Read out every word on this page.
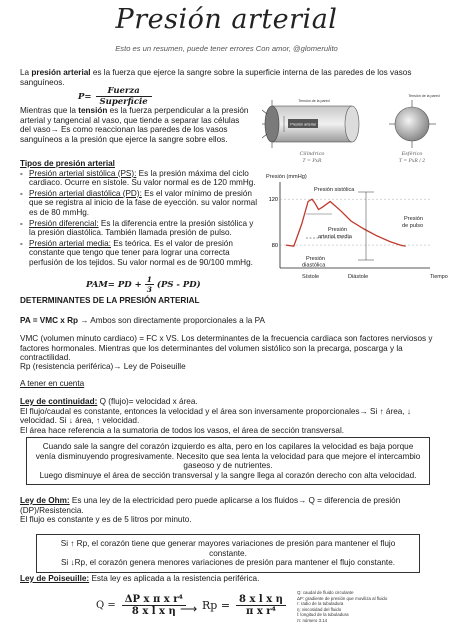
Presión arterial
Esto es un resumen, puede tener errores Con amor, @glomerulito
La presión arterial es la fuerza que ejerce la sangre sobre la superficie interna de las paredes de los vasos sanguíneos.
P=
Fuerza
Superficie
Mientras que la tensión es la fuerza perpendicular a la presión arterial y tangencial al vaso, que tiende a separar las células del vaso→ Es como reaccionan las paredes de los vasos sanguíneos a la presión que ejerce la sangre sobre ellos.
Presión arterial
Tensión de la pared
Tensión de la pared
Cilíndrico
T = PxR
Esférico
T = PxR / 2
Tipos de presión arterial
- Presión arterial sistólica (PS): Es la presión máxima del ciclo cardiaco. Ocurre en sístole. Su valor normal es de 120 mmHg.
- Presión arterial diastólica (PD): Es el valor mínimo de presión que se registra al inicio de la fase de eyección. su valor normal es de 80 mmHg.
- Presión diferencial: Es la diferencia entre la presión sistólica y la presión diastólica. También llamada presión de pulso.
- Presión arterial media: Es teórica. Es el valor de presión constante que tengo que tener para lograr una correcta perfusión de los tejidos. Su valor normal es de 90/100 mmHg.
PAM= PD + $\frac{1}{3} (PS - PD)$
Presión (mmHg)
Tiempo
80
120
Presión sistólica
Presión arterial media
Presión de pulso
Presión diastólica
Sístole	Diástole
DETERMINANTES DE LA PRESIÓN ARTERIAL
PA = VMC x Rp → Ambos son directamente proporcionales a la PA
VMC (volumen minuto cardiaco) = FC x VS. Los determinantes de la frecuencia cardiaca son factores nerviosos y factores hormonales. Mientras que los determinantes del volumen sistólico son la precarga, poscarga y la contractilidad.
Rp (resistencia periférica)→ Ley de Poiseuille
A tener en cuenta
Ley de continuidad: Q (flujo)= velocidad x área.
El flujo/caudal es constante, entonces la velocidad y el área son inversamente proporcionales→ Si ↑ área, ↓ velocidad. Si ↓ área, ↑ velocidad.
El área hace referencia a la sumatoria de todos los vasos, el área de sección transversal.
Cuando sale la sangre del corazón izquierdo es alta, pero en los capilares la velocidad es baja porque venía disminuyendo progresivamente. Necesito que sea lenta la velocidad para que mejore el intercambio gaseoso y de nutrientes.
Luego disminuye el área de sección transversal y la sangre llega al corazón derecho con alta velocidad.
Ley de Ohm: Es una ley de la electricidad pero puede aplicarse a los fluidos→ Q = diferencia de presión (DP)/Resistencia.
El flujo es constante y es de 5 litros por minuto.
Si ↑ Rp, el corazón tiene que generar mayores variaciones de presión para mantener el flujo constante.
Si ↓Rp, el corazón genera menores variaciones de presión para mantener el flujo constante.
Ley de Poiseuille: Esta ley es aplicada a la resistencia periférica.
$Q = \frac{\text{ΔP x π x r⁴}}{\text{8 x l x η}}$
⟶ $Rp = \frac{\text{8 x l x η}}{\text{π x r⁴}}$
Q: caudal de fluido circulante
ΔP: gradiente de presión que moviliza al fluido
r: radio de la tubuladura
η: viscosidad del fluido
l: longitud de la tubuladura
π: número 3.14
